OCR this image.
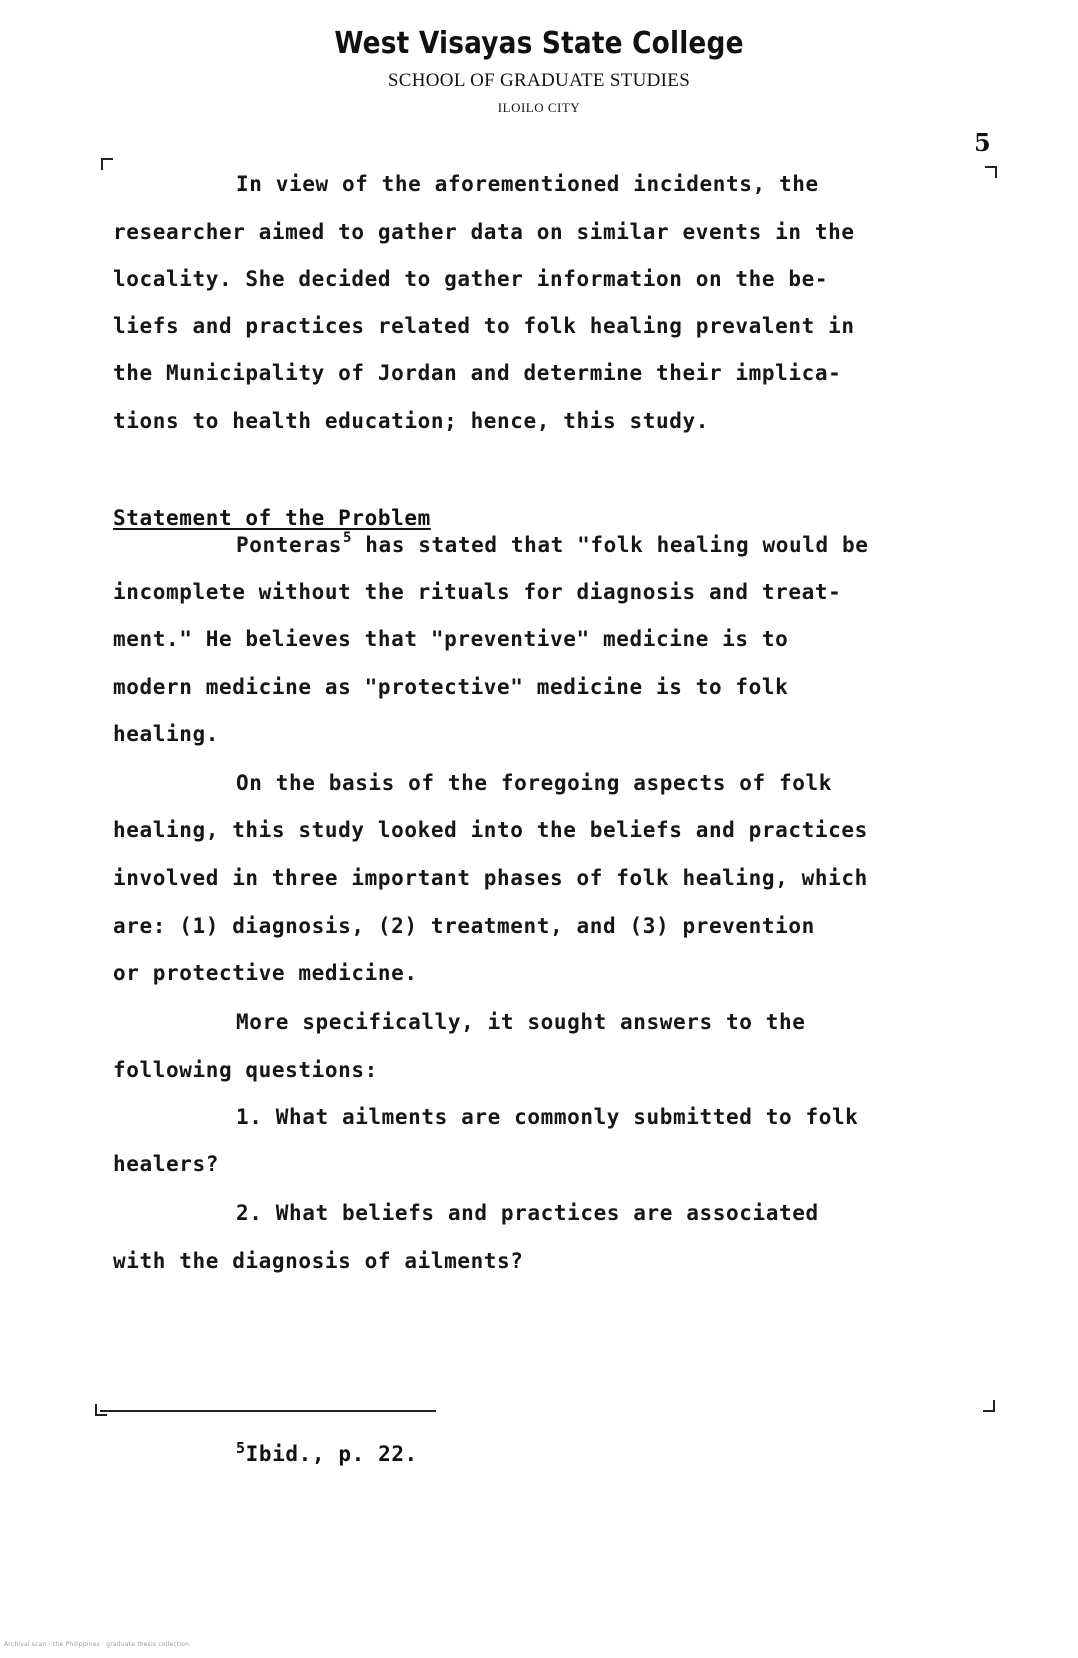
West Visayas State College
SCHOOL OF GRADUATE STUDIES
ILOILO CITY
5
In view of the aforementioned incidents, the
researcher aimed to gather data on similar events in the
locality. She decided to gather information on the be-
liefs and practices related to folk healing prevalent in
the Municipality of Jordan and determine their implica-
tions to health education; hence, this study.
Statement of the Problem
Ponteras$^5$ has stated that "folk healing would be
incomplete without the rituals for diagnosis and treat-
ment." He believes that "preventive" medicine is to
modern medicine as "protective" medicine is to folk
healing.
On the basis of the foregoing aspects of folk
healing, this study looked into the beliefs and practices
involved in three important phases of folk healing, which
are: (1) diagnosis, (2) treatment, and (3) prevention
or protective medicine.
More specifically, it sought answers to the
following questions:
1. What ailments are commonly submitted to folk
healers?
2. What beliefs and practices are associated
with the diagnosis of ailments?
$^5$Ibid., p. 22.
Archival scan · the Philippines · graduate thesis collection
